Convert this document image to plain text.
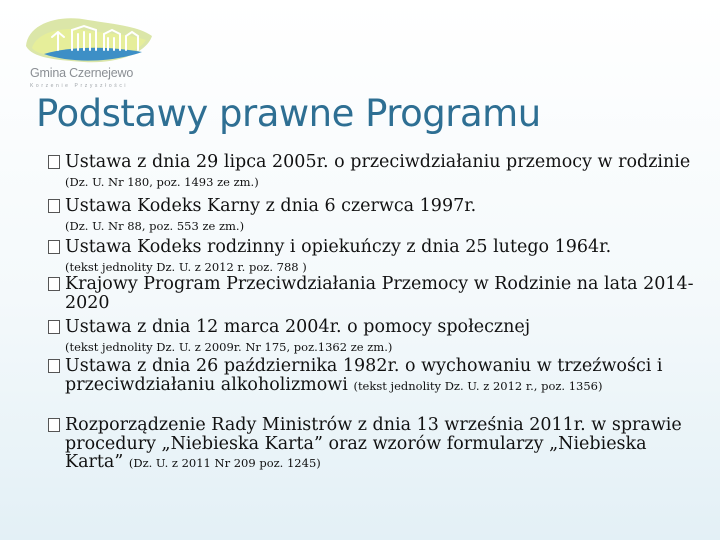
Gmina Czernejewo
Korzenie Przyszłości
Podstawy prawne Programu
Ustawa z dnia 29 lipca 2005r. o przeciwdziałaniu przemocy w rodzinie (Dz. U. Nr 180, poz. 1493 ze zm.)
Ustawa Kodeks Karny z dnia 6 czerwca 1997r.
(Dz. U. Nr 88, poz. 553 ze zm.)
Ustawa Kodeks rodzinny i opiekuńczy z dnia 25 lutego 1964r.
(tekst jednolity Dz. U. z 2012 r. poz. 788 )
Krajowy Program Przeciwdziałania Przemocy w Rodzinie na lata 2014-2020
Ustawa z dnia 12 marca 2004r. o pomocy społecznej
(tekst jednolity Dz. U. z 2009r. Nr 175, poz.1362 ze zm.)
Ustawa z dnia 26 października 1982r. o wychowaniu w trzeźwości i przeciwdziałaniu alkoholizmowi (tekst jednolity Dz. U. z 2012 r., poz. 1356)
Rozporządzenie Rady Ministrów z dnia 13 września 2011r. w sprawie procedury „Niebieska Karta” oraz wzorów formularzy „Niebieska Karta” (Dz. U. z 2011 Nr 209 poz. 1245)
